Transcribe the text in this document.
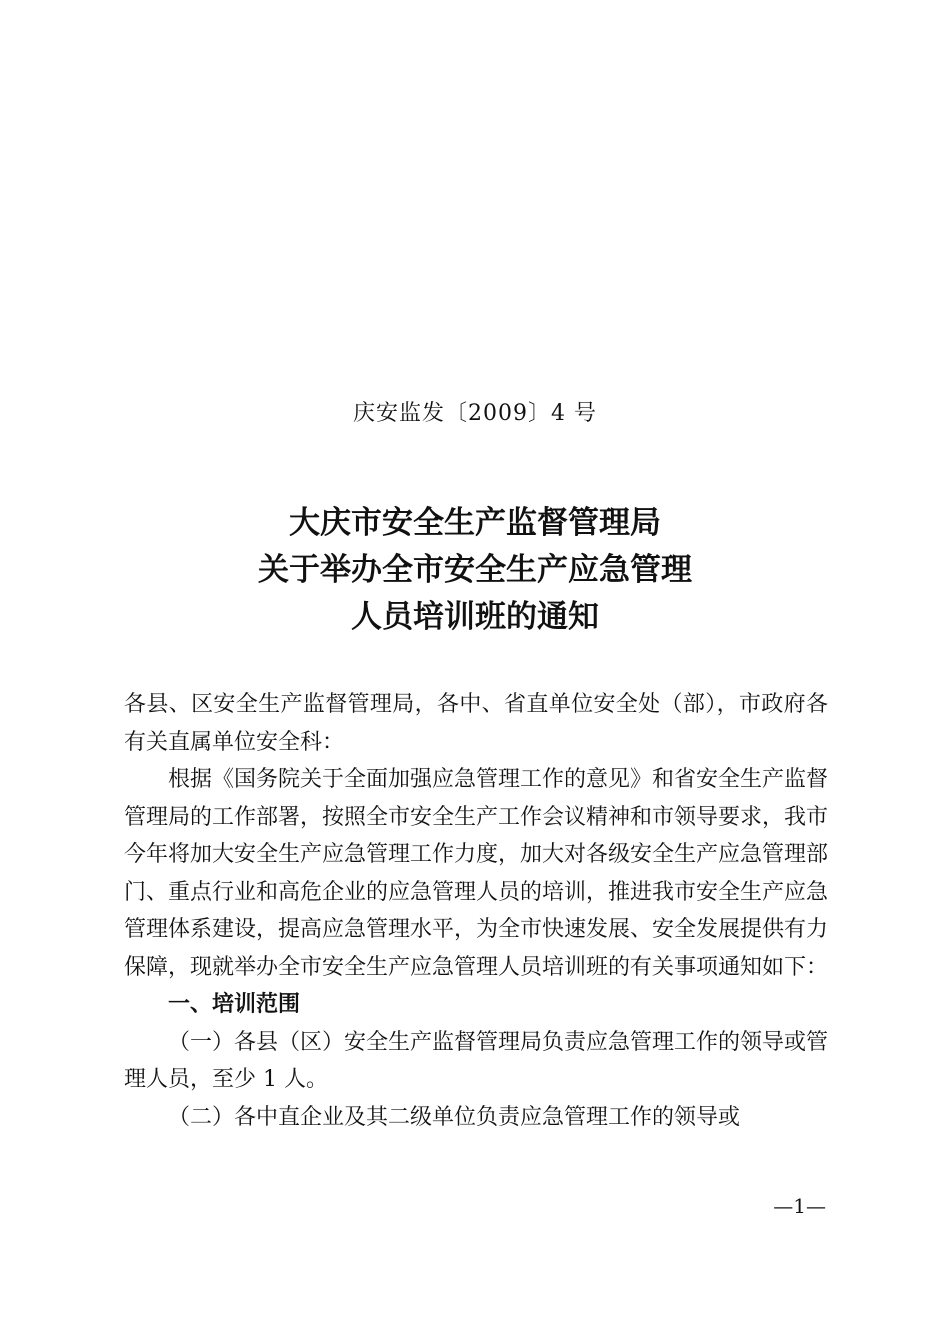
庆安监发〔2009〕4 号
大庆市安全生产监督管理局
关于举办全市安全生产应急管理
人员培训班的通知

各县、区安全生产监督管理局，各中、省直单位安全处（部），市政府各有关直属单位安全科：

根据《国务院关于全面加强应急管理工作的意见》和省安全生产监督管理局的工作部署，按照全市安全生产工作会议精神和市领导要求，我市今年将加大安全生产应急管理工作力度，加大对各级安全生产应急管理部门、重点行业和高危企业的应急管理人员的培训，推进我市安全生产应急管理体系建设，提高应急管理水平，为全市快速发展、安全发展提供有力保障，现就举办全市安全生产应急管理人员培训班的有关事项通知如下：

一、培训范围

（一）各县（区）安全生产监督管理局负责应急管理工作的领导或管理人员，至少 1 人。

（二）各中直企业及其二级单位负责应急管理工作的领导或

—1—
